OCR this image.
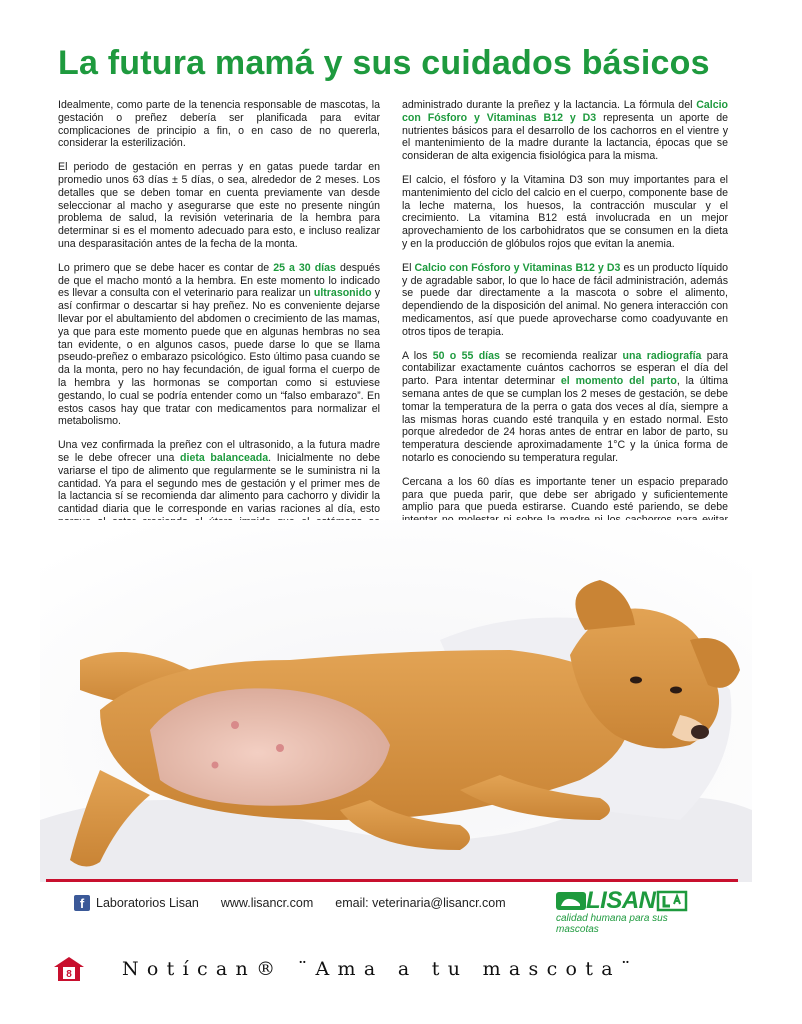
La futura mamá y sus cuidados básicos

Idealmente, como parte de la tenencia responsable de mascotas, la gestación o preñez debería ser planificada para evitar complicaciones de principio a fin, o en caso de no quererla, considerar la esterilización.

El periodo de gestación en perras y en gatas puede tardar en promedio unos 63 días ± 5 días, o sea, alrededor de 2 meses. Los detalles que se deben tomar en cuenta previamente van desde seleccionar al macho y asegurarse que este no presente ningún problema de salud, la revisión veterinaria de la hembra para determinar si es el momento adecuado para esto, e incluso realizar una desparasitación antes de la fecha de la monta.

Lo primero que se debe hacer es contar de 25 a 30 días después de que el macho montó a la hembra. En este momento lo indicado es llevar a consulta con el veterinario para realizar un ultrasonido y así confirmar o descartar si hay preñez. No es conveniente dejarse llevar por el abultamiento del abdomen o crecimiento de las mamas, ya que para este momento puede que en algunas hembras no sea tan evidente, o en algunos casos, puede darse lo que se llama pseudo-preñez o embarazo psicológico. Esto último pasa cuando se da la monta, pero no hay fecundación, de igual forma el cuerpo de la hembra y las hormonas se comportan como si estuviese gestando, lo cual se podría entender como un “falso embarazo”. En estos casos hay que tratar con medicamentos para normalizar el metabolismo.

Una vez confirmada la preñez con el ultrasonido, a la futura madre se le debe ofrecer una dieta balanceada. Inicialmente no debe variarse el tipo de alimento que regularmente se le suministra ni la cantidad. Ya para el segundo mes de gestación y el primer mes de la lactancia sí se recomienda dar alimento para cachorro y dividir la cantidad diaria que le corresponde en varias raciones al día, esto

administrado durante la preñez y la lactancia. La fórmula del Calcio con Fósforo y Vitaminas B12 y D3 representa un aporte de nutrientes básicos para el desarrollo de los cachorros en el vientre y el mantenimiento de la madre durante la lactancia, épocas que se consideran de alta exigencia fisiológica para la misma.

El calcio, el fósforo y la Vitamina D3 son muy importantes para el mantenimiento del ciclo del calcio en el cuerpo, componente base de la leche materna, los huesos, la contracción muscular y el crecimiento. La vitamina B12 está involucrada en un mejor aprovechamiento de los carbohidratos que se consumen en la dieta y en la producción de glóbulos rojos que evitan la anemia.

El Calcio con Fósforo y Vitaminas B12 y D3 es un producto líquido y de agradable sabor, lo que lo hace de fácil administración, además se puede dar directamente a la mascota o sobre el alimento, dependiendo de la disposición del animal. No genera interacción con medicamentos, así que puede aprovecharse como coadyuvante en otros tipos de terapia.

A los 50 o 55 días se recomienda realizar una radiografía para contabilizar exactamente cuántos cachorros se esperan el día del parto. Para intentar determinar el momento del parto, la última semana antes de que se cumplan los 2 meses de gestación, se debe tomar la temperatura de la perra o gata dos veces al día, siempre a las mismas horas cuando esté tranquila y en estado normal. Esto porque alrededor de 24 horas antes de entrar en labor de parto, su temperatura desciende aproximadamente 1°C y la única forma de notarlo es conociendo su temperatura regular.

Cercana a los 60 días es importante tener un espacio preparado para que pueda parir, que debe ser abrigado y suficientemente amplio para que pueda estirarse. Cuando esté pariendo, se debe

f Laboratorios Lisan www.lisancr.com email: veterinaria@lisancr.com	LISAN
calidad humana para sus mascotas
8	Notícan® ¨Ama a tu mascota¨
